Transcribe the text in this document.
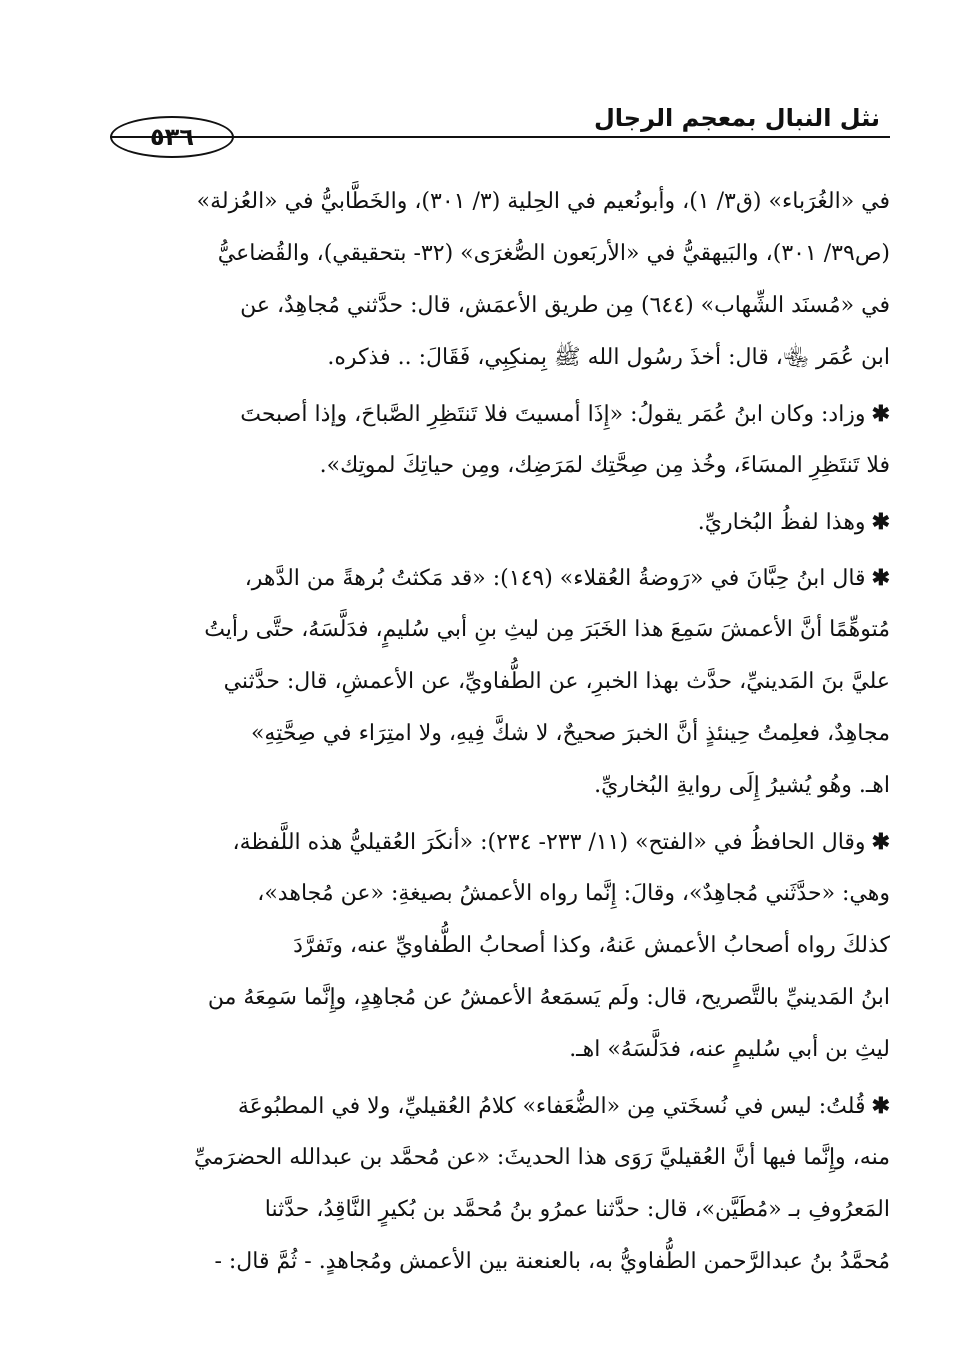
٥٣٦
نثل النبال بمعجم الرجال
في «الغُرَباء» (ق٣/ ١)، وأبونُعيم في الحِلية (٣/ ٣٠١)، والخَطَّابيُّ في «العُزلة»
(ص٣٩/ ٣٠١)، والبَيهقيُّ في «الأربَعون الصُّغرَى» (٣٢- بتحقيقي)، والقُضاعيُّ
في «مُسنَد الشِّهاب» (٦٤٤) مِن طريق الأعمَش، قال: حدَّثني مُجاهِدٌ، عن
ابن عُمَر ﵄، قال: أخذَ رسُول الله ﷺ بِمنكِبِي، فَقَالَ: .. فذكره.
✱وزاد: وكان ابنُ عُمَر يقولُ: «إِذَا أمسيتَ فلا تَنتَظِرِ الصَّباحَ، وإذا أصبحتَ
فلا تَنتَظِرِ المسَاءَ، وخُذ مِن صِحَّتِك لمَرَضِك، ومِن حياتِكَ لموتِك».
✱وهذا لفظُ البُخاريِّ.
✱قال ابنُ حِبَّانَ في «رَوضةُ العُقلاء» (١٤٩): «قد مَكثتُ بُرهةً من الدَّهر،
مُتوهِّمًا أنَّ الأعمشَ سَمِعَ هذا الخَبَرَ مِن ليثِ بنِ أبي سُليمٍ، فدَلَّسَهُ، حتَّى رأيتُ
عليَّ بنَ المَدينيِّ، حدَّث بهذا الخبرِ، عن الطُّفاويِّ، عن الأعمشِ، قال: حدَّثني
مجاهِدٌ، فعلِمتُ حِينئذٍ أنَّ الخبرَ صحيحٌ، لا شكَّ فِيهِ، ولا امتِرَاء في صِحَّتِهِ»
اهـ. وهُو يُشيرُ إِلَى روايةِ البُخاريِّ.
✱وقال الحافظُ في «الفتح» (١١/ ٢٣٣- ٢٣٤): «أنكَرَ العُقيليُّ هذه اللَّفظة،
وهي: «حدَّثَني مُجاهِدٌ»، وقالَ: إِنَّما رواه الأعمشُ بصيغةِ: «عن مُجاهد»،
كذلكَ رواه أصحابُ الأعمش عَنهُ، وكذا أصحابُ الطُّفاويِّ عنه، وتَفرَّدَ
ابنُ المَدينيِّ بالتَّصريح، قال: ولَم يَسمَعهُ الأعمشُ عن مُجاهِدٍ، وإِنَّما سَمِعَهُ من
ليثِ بن أبي سُليمٍ عنه، فدَلَّسَهُ» اهـ.
✱قُلتُ: ليس في نُسخَتي مِن «الضُّعَفاء» كلامُ العُقيليِّ، ولا في المطبُوعَة
منه، وإِنَّما فيها أنَّ العُقيليَّ رَوَى هذا الحديثَ: «عن مُحمَّد بن عبدالله الحضرَميِّ
المَعرُوفِ بـ «مُطَيَّن»، قال: حدَّثنا عمرُو بنُ مُحمَّد بن بُكيرٍ النَّاقِدُ، حدَّثنا
مُحمَّدُ بنُ عبدالرَّحمن الطُّفاويُّ به، بالعنعنة بين الأعمش ومُجاهدٍ. - ثُمَّ قال: -
